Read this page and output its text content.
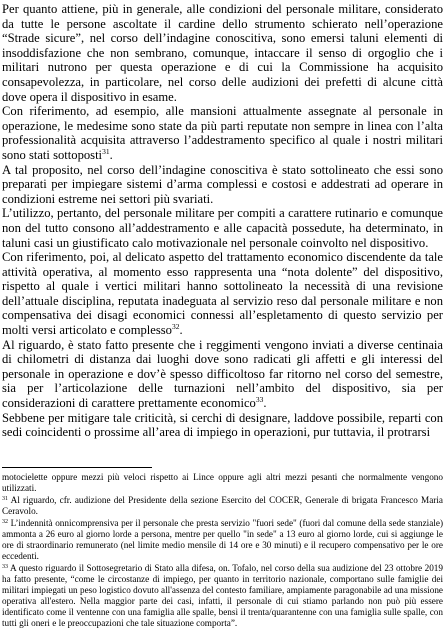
Per quanto attiene, più in generale, alle condizioni del personale militare, considerato da tutte le persone ascoltate il cardine dello strumento schierato nell’operazione “Strade sicure”, nel corso dell’indagine conoscitiva, sono emersi taluni elementi di insoddisfazione che non sembrano, comunque, intaccare il senso di orgoglio che i militari nutrono per questa operazione e di cui la Commissione ha acquisito consapevolezza, in particolare, nel corso delle audizioni dei prefetti di alcune città dove opera il dispositivo in esame.

Con riferimento, ad esempio, alle mansioni attualmente assegnate al personale in operazione, le medesime sono state da più parti reputate non sempre in linea con l’alta professionalità acquisita attraverso l’addestramento specifico al quale i nostri militari sono stati sottoposti$^{31}$.

A tal proposito, nel corso dell’indagine conoscitiva è stato sottolineato che essi sono preparati per impiegare sistemi d’arma complessi e costosi e addestrati ad operare in condizioni estreme nei settori più svariati.

L’utilizzo, pertanto, del personale militare per compiti a carattere rutinario e comunque non del tutto consono all’addestramento e alle capacità possedute, ha determinato, in taluni casi un giustificato calo motivazionale nel personale coinvolto nel dispositivo.

Con riferimento, poi, al delicato aspetto del trattamento economico discendente da tale attività operativa, al momento esso rappresenta una “nota dolente” del dispositivo, rispetto al quale i vertici militari hanno sottolineato la necessità di una revisione dell’attuale disciplina, reputata inadeguata al servizio reso dal personale militare e non compensativa dei disagi economici connessi all’espletamento di questo servizio per molti versi articolato e complesso$^{32}$.

Al riguardo, è stato fatto presente che i reggimenti vengono inviati a diverse centinaia di chilometri di distanza dai luoghi dove sono radicati gli affetti e gli interessi del personale in operazione e dov’è spesso difficoltoso far ritorno nel corso del semestre, sia per l’articolazione delle turnazioni nell’ambito del dispositivo, sia per considerazioni di carattere prettamente economico$^{33}$.

Sebbene per mitigare tale criticità, si cerchi di designare, laddove possibile, reparti con sedi coincidenti o prossime all’area di impiego in operazioni, pur tuttavia, il protrarsi

motocielette oppure mezzi più veloci rispetto ai Lince oppure agli altri mezzi pesanti che normalmente vengono utilizzati.

$^{31}$ Al riguardo, cfr. audizione del Presidente della sezione Esercito del COCER, Generale di brigata Francesco Maria Ceravolo.

$^{32}$ L’indennità onnicomprensiva per il personale che presta servizio "fuori sede" (fuori dal comune della sede stanziale) ammonta a 26 euro al giorno lorde a persona, mentre per quello "in sede" a 13 euro al giorno lorde, cui si aggiunge le ore di straordinario remunerato (nel limite medio mensile di 14 ore e 30 minuti) e il recupero compensativo per le ore eccedenti.

$^{33}$ A questo riguardo il Sottosegretario di Stato alla difesa, on. Tofalo, nel corso della sua audizione del 23 ottobre 2019 ha fatto presente, “come le circostanze di impiego, per quanto in territorio nazionale, comportano sulle famiglie dei militari impiegati un peso logistico dovuto all'assenza del contesto familiare, ampiamente paragonabile ad una missione operativa all'estero. Nella maggior parte dei casi, infatti, il personale di cui stiamo parlando non può più essere identificato come il ventenne con una famiglia alle spalle, bensì il trenta/quarantenne con una famiglia sulle spalle, con tutti gli oneri e le preoccupazioni che tale situazione comporta”.
